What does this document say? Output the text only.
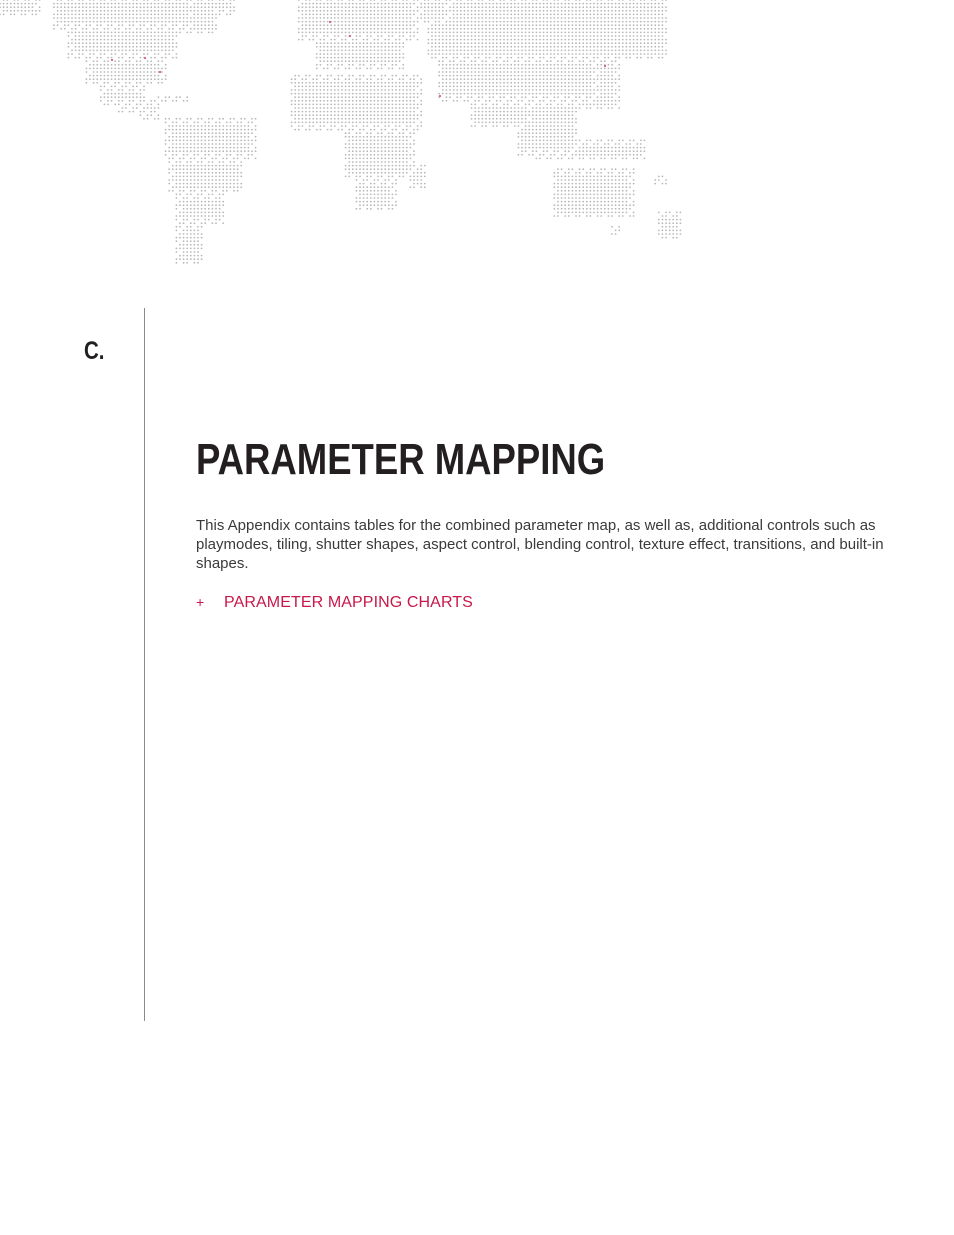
C.
PARAMETER MAPPING

This Appendix contains tables for the combined parameter map, as well as, additional controls such as playmodes, tiling, shutter shapes, aspect control, blending control, texture effect, transitions, and built-in shapes.

+	PARAMETER MAPPING CHARTS
